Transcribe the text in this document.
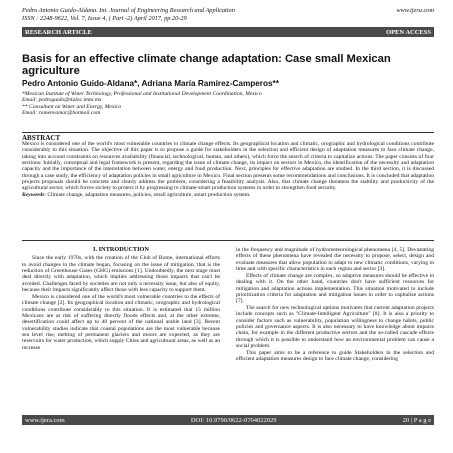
Pedro Antonio Guido-Aldana. Int. Journal of Engineering Research and Application	www.ijera.com
ISSN : 2248-9622, Vol. 7, Issue 4, ( Part -2) April 2017, pp.20-29
RESEARCH ARTICLE	OPEN ACCESS
Basis for an effective climate change adaptation: Case small Mexican agriculture
Pedro Antonio Guido-Aldana*, Adriana María Ramírez-Camperos**
*Mexican Institute of Water Technology, Professional and Institutional Development Coordination, Mexico
Email: pedroguido@tlaloc.imta.mx
** Consultant on Water and Energy, Mexico
Email: ramenvamar@hotmail.com
ABSTRACT
Mexico is considered one of the world's most vulnerable countries to climate change effects. Its geographical location and climatic, orographic and hydrological conditions contribute considerably to this situation. The objective of this paper is to propose a guide for stakeholders in the selection and efficient design of adaptation measures to face climate change, taking into account constraints on resources availability (financial, technological, human, and others), which force the search of criteria to capitalize actions. The paper consists of four sections: Initially, conceptual and legal framework is present, regarding the issue of climate change, its impact on sectors in Mexico, the identification of the necessity and adaptation capacity and the importance of the interrelation between water, energy and food production. Next, principles for effective adaptation are studied. In the third section, it is discussed through a case study, the efficiency of adaptation policies in small agriculture in Mexico. Final section presents some recommendations and conclusions. It is concluded that adaptation projects proposals should be concrete and clearly address the problem, considering a feasibility analysis. Also, that climate change threatens the stability and productivity of the agricultural sector, which forces society to protect it by progressing to climate-smart production systems in order to strengthen food security.
Keywords: Climate change, adaptation measures, policies, small agriculture, smart production system.
I. INTRODUCTION

Since the early 1970s, with the creation of the Club of Rome, international efforts to avoid changes in the climate began, focusing on the issue of mitigation, that is the reduction of Greenhouse Gases (GHG) emissions [1]. Undoubtedly, the next stage must deal directly with adaptation, which implies addressing those impacts that can't be avoided. Challenges faced by societies are not only a necessity issue, but also of equity, because their impacts significantly affect those with less capacity to support them.

Mexico is considered one of the world's most vulnerable countries to the effects of climate change [2]. Its geographical location and climatic, orographic and hydrological conditions contribute considerably to this situation. It is estimated that 15 million Mexicans are at risk of suffering directly floods effects and, at the other extreme, desertification could affect up to 40 percent of the national arable land [3]. Recent vulnerability studies indicate that coastal populations are the most vulnerable because sea level rise, melting of permanent glaciers and moors are expected, as they are reservoirs for water production, which supply Cities and agricultural areas, as well as an increase

in the frequency and magnitude of hydrometeorological phenomena [4, 5]. Devastating effects of these phenomena have revealed the necessity to propose, select, design and evaluate measures that allow population to adapt to new climatic conditions, varying in time and with specific characteristics in each region and sector [3].

Effects of climate change are complex, so adaptive measures should be effective in dealing with it. On the other hand, countries don't have sufficient resources for mitigation and adaptation actions implementation. This situation motivated to include prioritization criteria for adaptation and mitigation issues in order to capitalize actions [7].

The search for new technological options motivates that current adaptation projects include concepts such as "Climate-Intelligent Agriculture" [8]. It is also a priority to consider factors such as vulnerability, population willingness to change habits, public policies and governance aspects. It is also necessary to have knowledge about impacts chain, for example in the different productive sectors and the so-called cascade effects through which it is possible to understand how an environmental problem can cause a social problem.

This paper aims to be a reference to guide Stakeholders in the selection and efficient adaptation measures design to face climate change, considering

www.ijera.com	DOI: 10.9790/9622-0704022029	20 | P a g e
